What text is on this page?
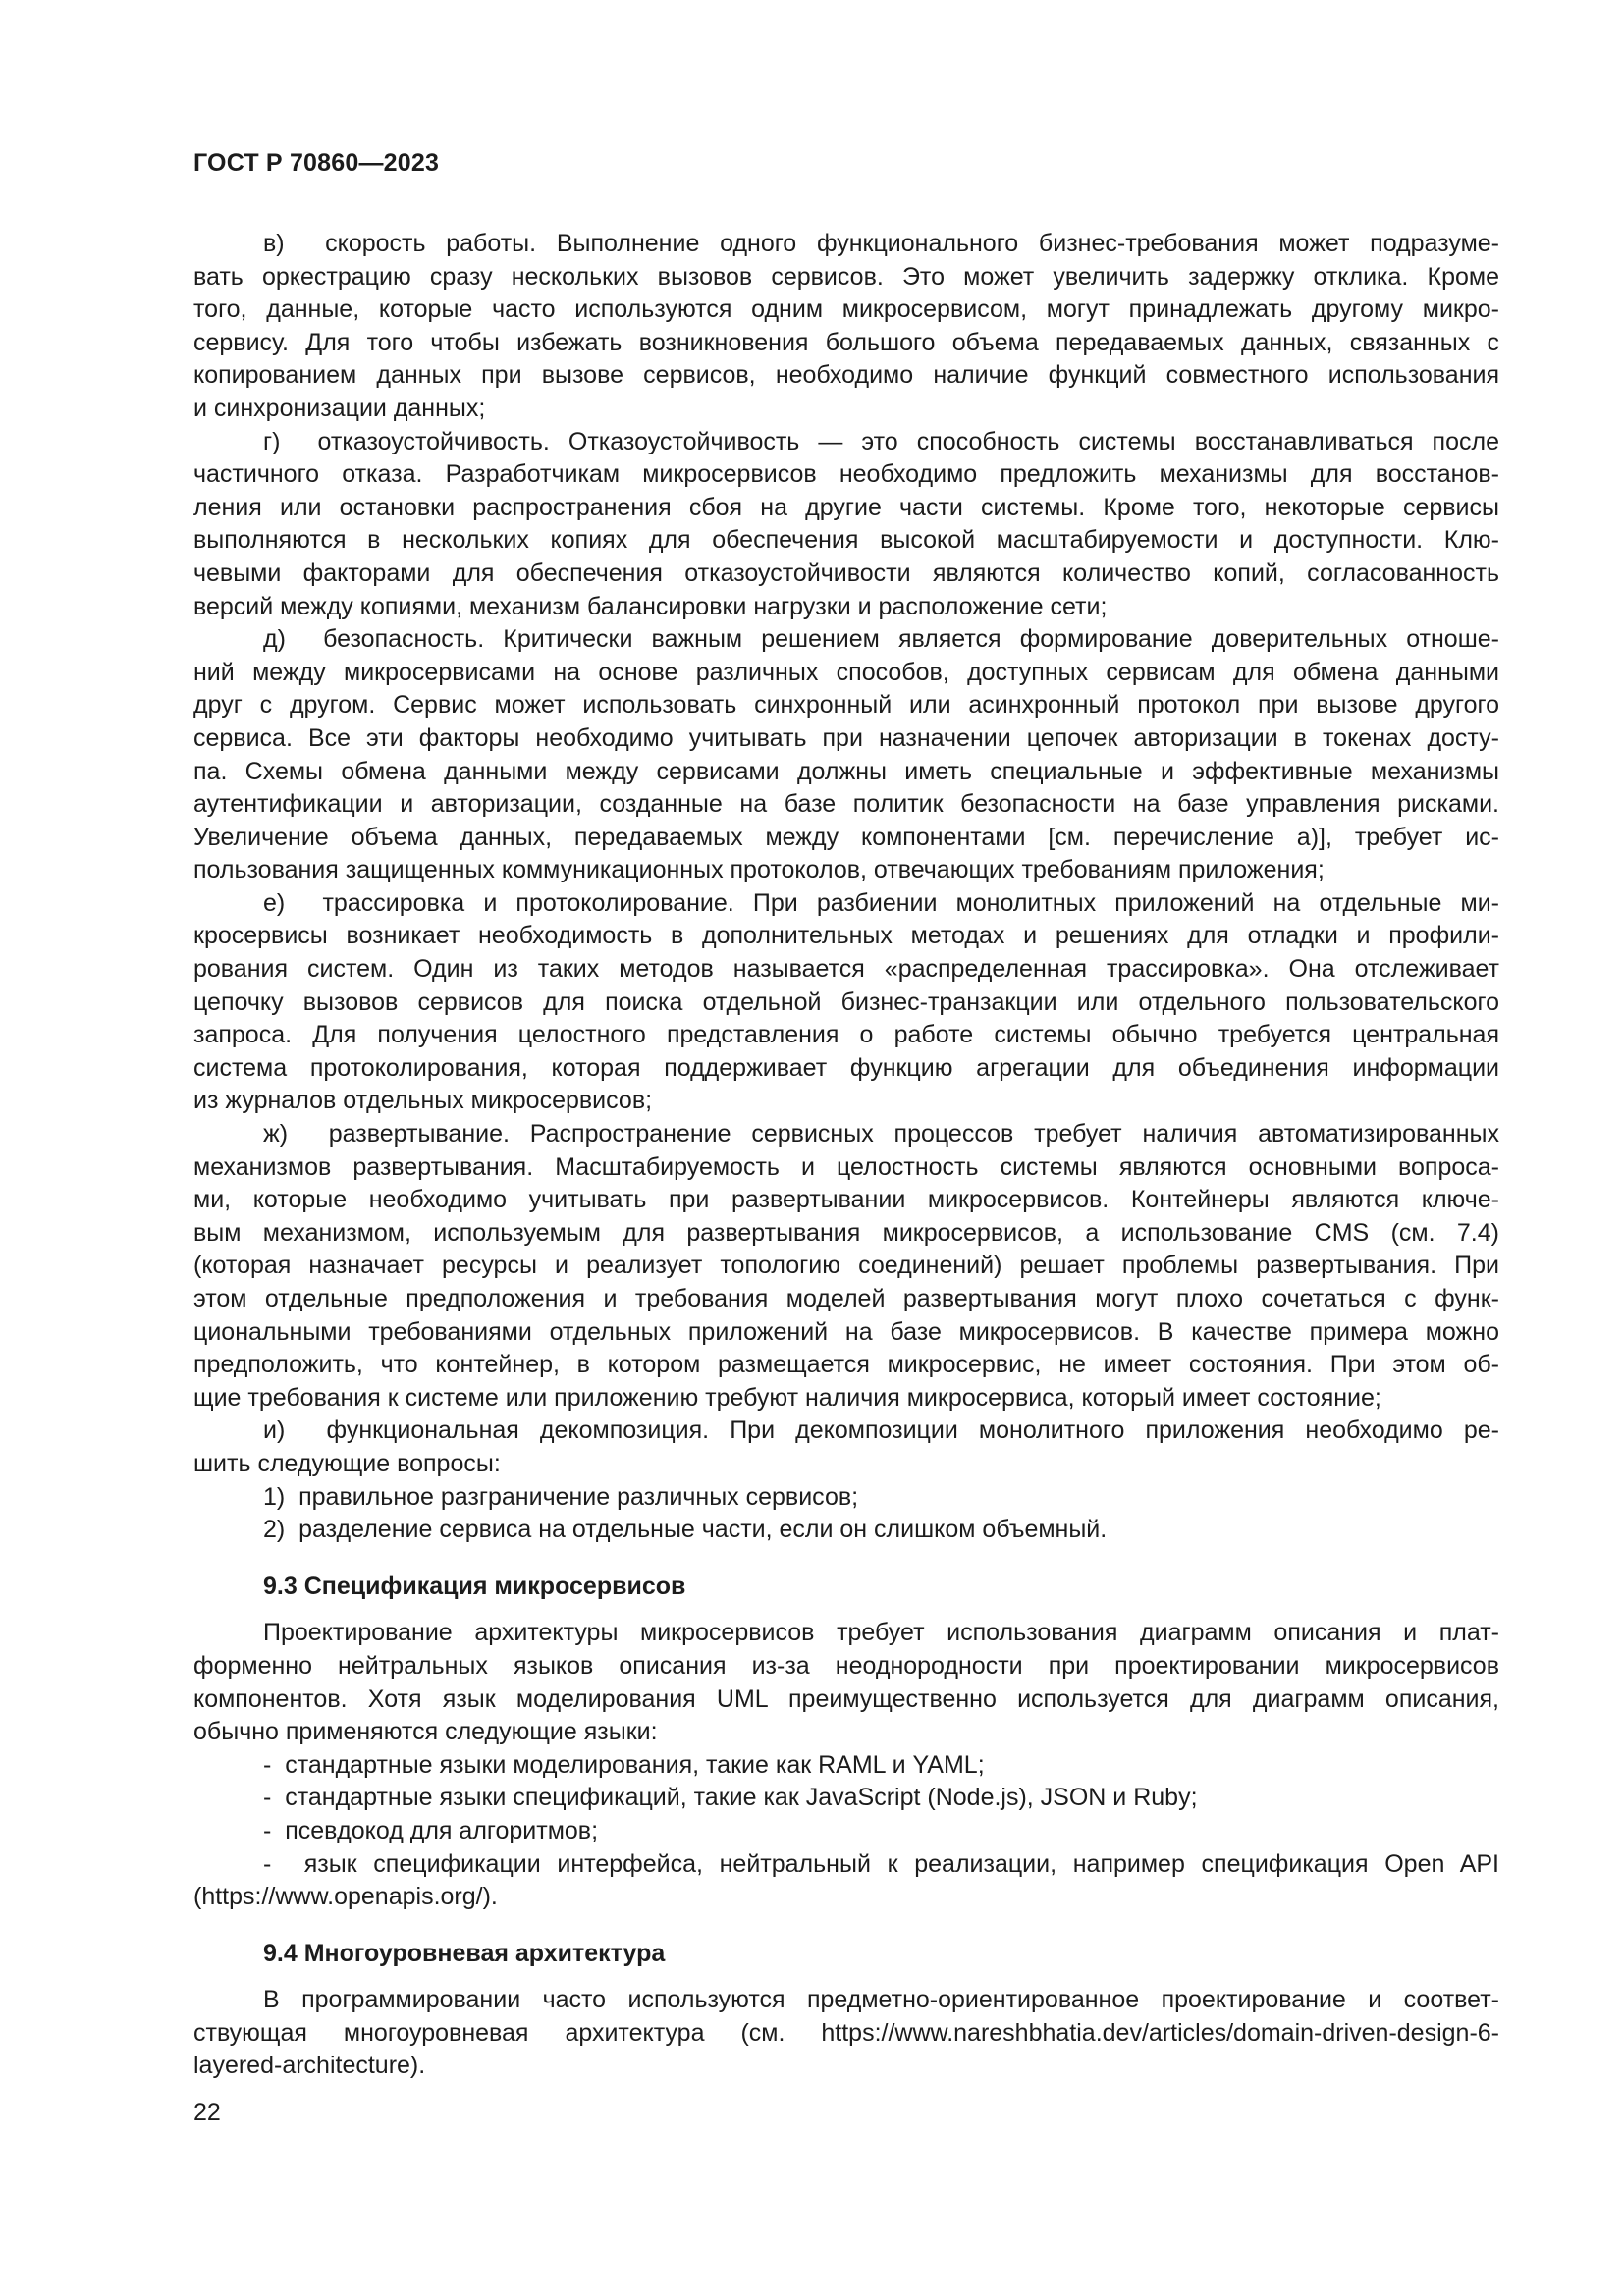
ГОСТ Р 70860—2023
в)  скорость работы. Выполнение одного функционального бизнес-требования может подразуме-
вать оркестрацию сразу нескольких вызовов сервисов. Это может увеличить задержку отклика. Кроме
того, данные, которые часто используются одним микросервисом, могут принадлежать другому микро-
сервису. Для того чтобы избежать возникновения большого объема передаваемых данных, связанных с
копированием данных при вызове сервисов, необходимо наличие функций совместного использования
и синхронизации данных;
г)  отказоустойчивость. Отказоустойчивость — это способность системы восстанавливаться после
частичного отказа. Разработчикам микросервисов необходимо предложить механизмы для восстанов-
ления или остановки распространения сбоя на другие части системы. Кроме того, некоторые сервисы
выполняются в нескольких копиях для обеспечения высокой масштабируемости и доступности. Клю-
чевыми факторами для обеспечения отказоустойчивости являются количество копий, согласованность
версий между копиями, механизм балансировки нагрузки и расположение сети;
д)  безопасность. Критически важным решением является формирование доверительных отноше-
ний между микросервисами на основе различных способов, доступных сервисам для обмена данными
друг с другом. Сервис может использовать синхронный или асинхронный протокол при вызове другого
сервиса. Все эти факторы необходимо учитывать при назначении цепочек авторизации в токенах досту-
па. Схемы обмена данными между сервисами должны иметь специальные и эффективные механизмы
аутентификации и авторизации, созданные на базе политик безопасности на базе управления рисками.
Увеличение объема данных, передаваемых между компонентами [см. перечисление а)], требует ис-
пользования защищенных коммуникационных протоколов, отвечающих требованиям приложения;
е)  трассировка и протоколирование. При разбиении монолитных приложений на отдельные ми-
кросервисы возникает необходимость в дополнительных методах и решениях для отладки и профили-
рования систем. Один из таких методов называется «распределенная трассировка». Она отслеживает
цепочку вызовов сервисов для поиска отдельной бизнес-транзакции или отдельного пользовательского
запроса. Для получения целостного представления о работе системы обычно требуется центральная
система протоколирования, которая поддерживает функцию агрегации для объединения информации
из журналов отдельных микросервисов;
ж)  развертывание. Распространение сервисных процессов требует наличия автоматизированных
механизмов развертывания. Масштабируемость и целостность системы являются основными вопроса-
ми, которые необходимо учитывать при развертывании микросервисов. Контейнеры являются ключе-
вым механизмом, используемым для развертывания микросервисов, а использование CMS (см. 7.4)
(которая назначает ресурсы и реализует топологию соединений) решает проблемы развертывания. При
этом отдельные предположения и требования моделей развертывания могут плохо сочетаться с функ-
циональными требованиями отдельных приложений на базе микросервисов. В качестве примера можно
предположить, что контейнер, в котором размещается микросервис, не имеет состояния. При этом об-
щие требования к системе или приложению требуют наличия микросервиса, который имеет состояние;
и)  функциональная декомпозиция. При декомпозиции монолитного приложения необходимо ре-
шить следующие вопросы:
1)  правильное разграничение различных сервисов;
2)  разделение сервиса на отдельные части, если он слишком объемный.
9.3 Спецификация микросервисов
Проектирование архитектуры микросервисов требует использования диаграмм описания и плат-
форменно нейтральных языков описания из-за неоднородности при проектировании микросервисов
компонентов. Хотя язык моделирования UML преимущественно используется для диаграмм описания,
обычно применяются следующие языки:
-  стандартные языки моделирования, такие как RAML и YAML;
-  стандартные языки спецификаций, такие как JavaScript (Node.js), JSON и Ruby;
-  псевдокод для алгоритмов;
-  язык спецификации интерфейса, нейтральный к реализации, например спецификация Open API
(https://www.openapis.org/).
9.4 Многоуровневая архитектура
В программировании часто используются предметно-ориентированное проектирование и соответ-
ствующая многоуровневая архитектура (см. https://www.nareshbhatia.dev/articles/domain-driven-design-6-
layered-architecture).
22
